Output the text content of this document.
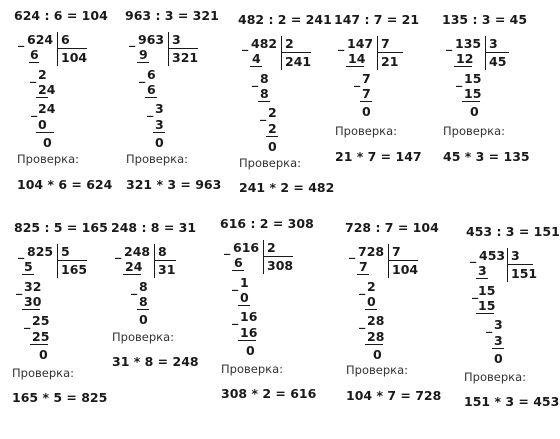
624 : 6 = 104
_ 624 6
104
6
_ 2
24
_ 24
0
0
Проверка:
104 * 6 = 624
963 : 3 = 321
_ 963 3
321
9
_ 6
6
_ 3
3
0
Проверка:
321 * 3 = 963
482 : 2 = 241
_ 482 2
241
4
_ 8
8
_ 2
2
0
Проверка:
241 * 2 = 482
147 : 7 = 21
_ 147 7
21
14
_ 7
7
0
Проверка:
21 * 7 = 147
135 : 3 = 45
_ 135 3
45
12
_ 15
15
0
Проверка:
45 * 3 = 135
825 : 5 = 165
_ 825 5
165
5
_ 32
30
_ 25
25
0
Проверка:
165 * 5 = 825
248 : 8 = 31
_ 248 8
31
24
_ 8
8
0
Проверка:
31 * 8 = 248
616 : 2 = 308
_ 616 2
308
6
_ 1
0
_ 16
16
0
Проверка:
308 * 2 = 616
728 : 7 = 104
_ 728 7
104
7
_ 2
0
_ 28
28
0
Проверка:
104 * 7 = 728
453 : 3 = 151
_ 453 3
151
3
_ 15
15
_ 3
3
0
Проверка:
151 * 3 = 453
